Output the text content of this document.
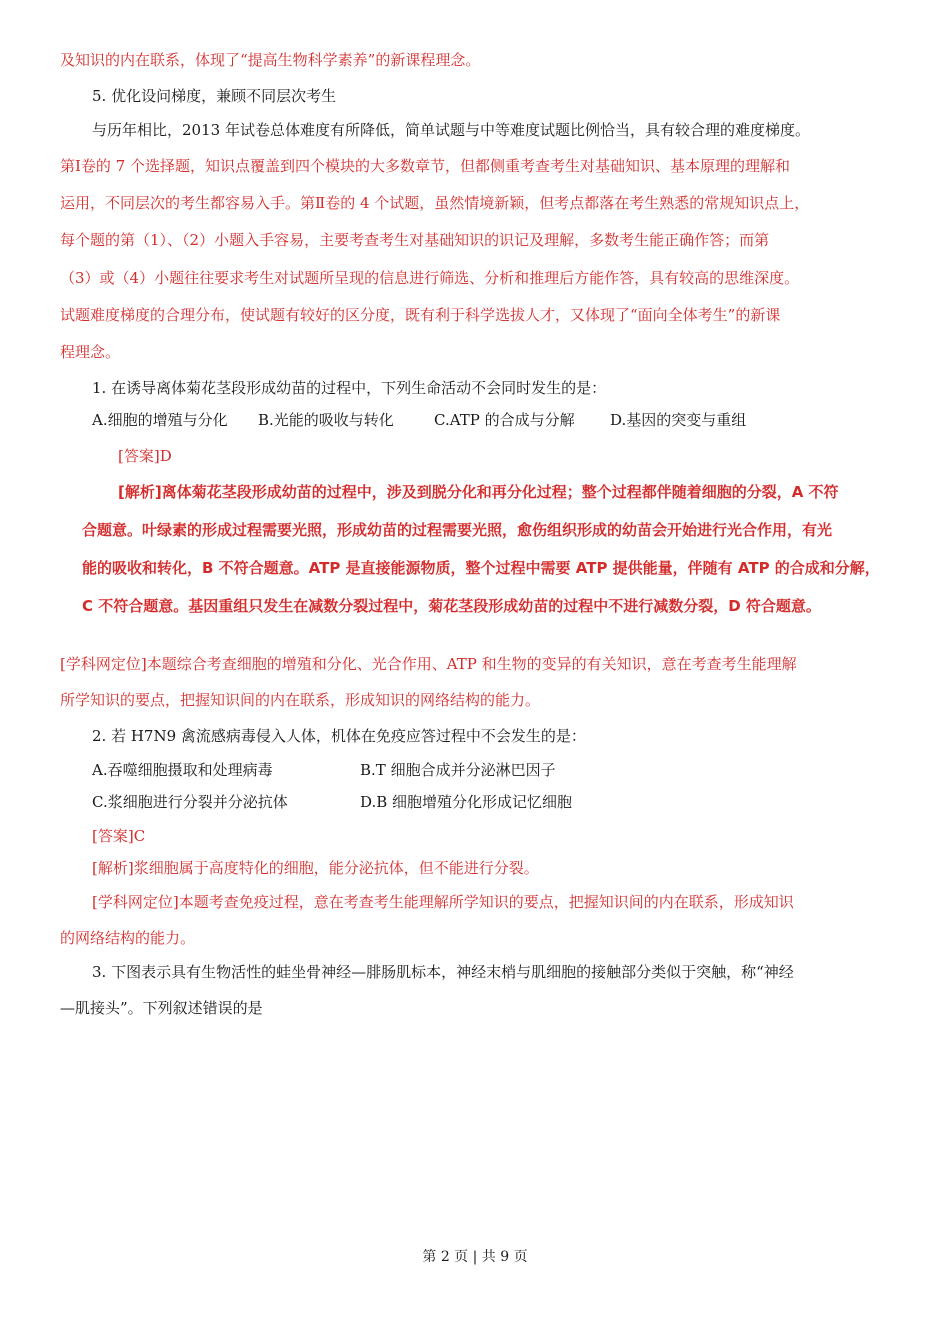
及知识的内在联系，体现了“提高生物科学素养”的新课程理念。
5. 优化设问梯度，兼顾不同层次考生
与历年相比，2013 年试卷总体难度有所降低，简单试题与中等难度试题比例恰当，具有较合理的难度梯度。
第Ⅰ卷的 7 个选择题，知识点覆盖到四个模块的大多数章节，但都侧重考查考生对基础知识、基本原理的理解和
运用，不同层次的考生都容易入手。第Ⅱ卷的 4 个试题，虽然情境新颖，但考点都落在考生熟悉的常规知识点上，
每个题的第（1）、（2）小题入手容易，主要考查考生对基础知识的识记及理解，多数考生能正确作答；而第
（3）或（4）小题往往要求考生对试题所呈现的信息进行筛选、分析和推理后方能作答，具有较高的思维深度。
试题难度梯度的合理分布，使试题有较好的区分度，既有利于科学选拔人才，又体现了“面向全体考生”的新课
程理念。
1. 在诱导离体菊花茎段形成幼苗的过程中，下列生命活动不会同时发生的是：
A.细胞的增殖与分化 B.光能的吸收与转化	C.ATP 的合成与分解 D.基因的突变与重组
[答案]D
[解析]离体菊花茎段形成幼苗的过程中，涉及到脱分化和再分化过程；整个过程都伴随着细胞的分裂，A 不符
合题意。叶绿素的形成过程需要光照，形成幼苗的过程需要光照，愈伤组织形成的幼苗会开始进行光合作用，有光
能的吸收和转化，B 不符合题意。ATP 是直接能源物质，整个过程中需要 ATP 提供能量，伴随有 ATP 的合成和分解，
C 不符合题意。基因重组只发生在减数分裂过程中，菊花茎段形成幼苗的过程中不进行减数分裂，D 符合题意。
[学科网定位]本题综合考查细胞的增殖和分化、光合作用、ATP 和生物的变异的有关知识，意在考查考生能理解
所学知识的要点，把握知识间的内在联系，形成知识的网络结构的能力。
2. 若 H7N9 禽流感病毒侵入人体，机体在免疫应答过程中不会发生的是：
A.吞噬细胞摄取和处理病毒	B.T 细胞合成并分泌淋巴因子
C.浆细胞进行分裂并分泌抗体	D.B 细胞增殖分化形成记忆细胞
[答案]C
[解析]浆细胞属于高度特化的细胞，能分泌抗体，但不能进行分裂。
[学科网定位]本题考查免疫过程，意在考查考生能理解所学知识的要点，把握知识间的内在联系，形成知识
的网络结构的能力。
3. 下图表示具有生物活性的蛙坐骨神经—腓肠肌标本，神经末梢与肌细胞的接触部分类似于突触，称“神经
—肌接头”。下列叙述错误的是
第 2 页 | 共 9 页
